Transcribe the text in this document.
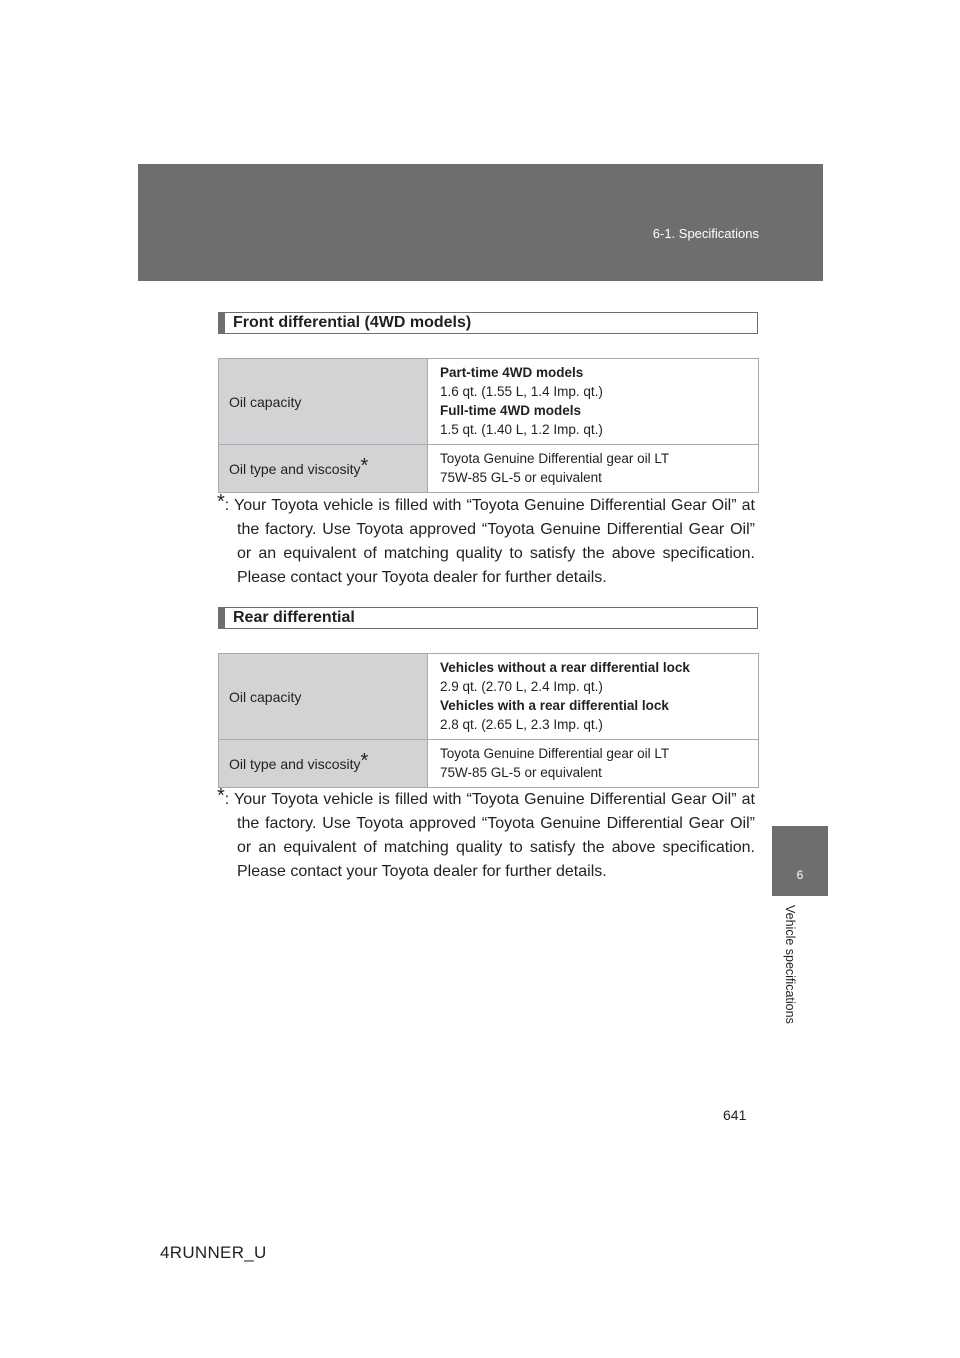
6-1. Specifications
Front differential (4WD models)
Oil capacity	Part-time 4WD models
1.6 qt. (1.55 L, 1.4 Imp. qt.)
Full-time 4WD models
1.5 qt. (1.40 L, 1.2 Imp. qt.)
Oil type and viscosity*	Toyota Genuine Differential gear oil LT
75W-85 GL-5 or equivalent

*: Your Toyota vehicle is filled with “Toyota Genuine Differential Gear Oil” at the factory. Use Toyota approved “Toyota Genuine Differential Gear Oil” or an equivalent of matching quality to satisfy the above specification. Please contact your Toyota dealer for further details.

Rear differential
Oil capacity	Vehicles without a rear differential lock
2.9 qt. (2.70 L, 2.4 Imp. qt.)
Vehicles with a rear differential lock
2.8 qt. (2.65 L, 2.3 Imp. qt.)
Oil type and viscosity*	Toyota Genuine Differential gear oil LT
75W-85 GL-5 or equivalent

*: Your Toyota vehicle is filled with “Toyota Genuine Differential Gear Oil” at the factory. Use Toyota approved “Toyota Genuine Differential Gear Oil” or an equivalent of matching quality to satisfy the above specification. Please contact your Toyota dealer for further details.	6
Vehicle specifications
641
4RUNNER_U
